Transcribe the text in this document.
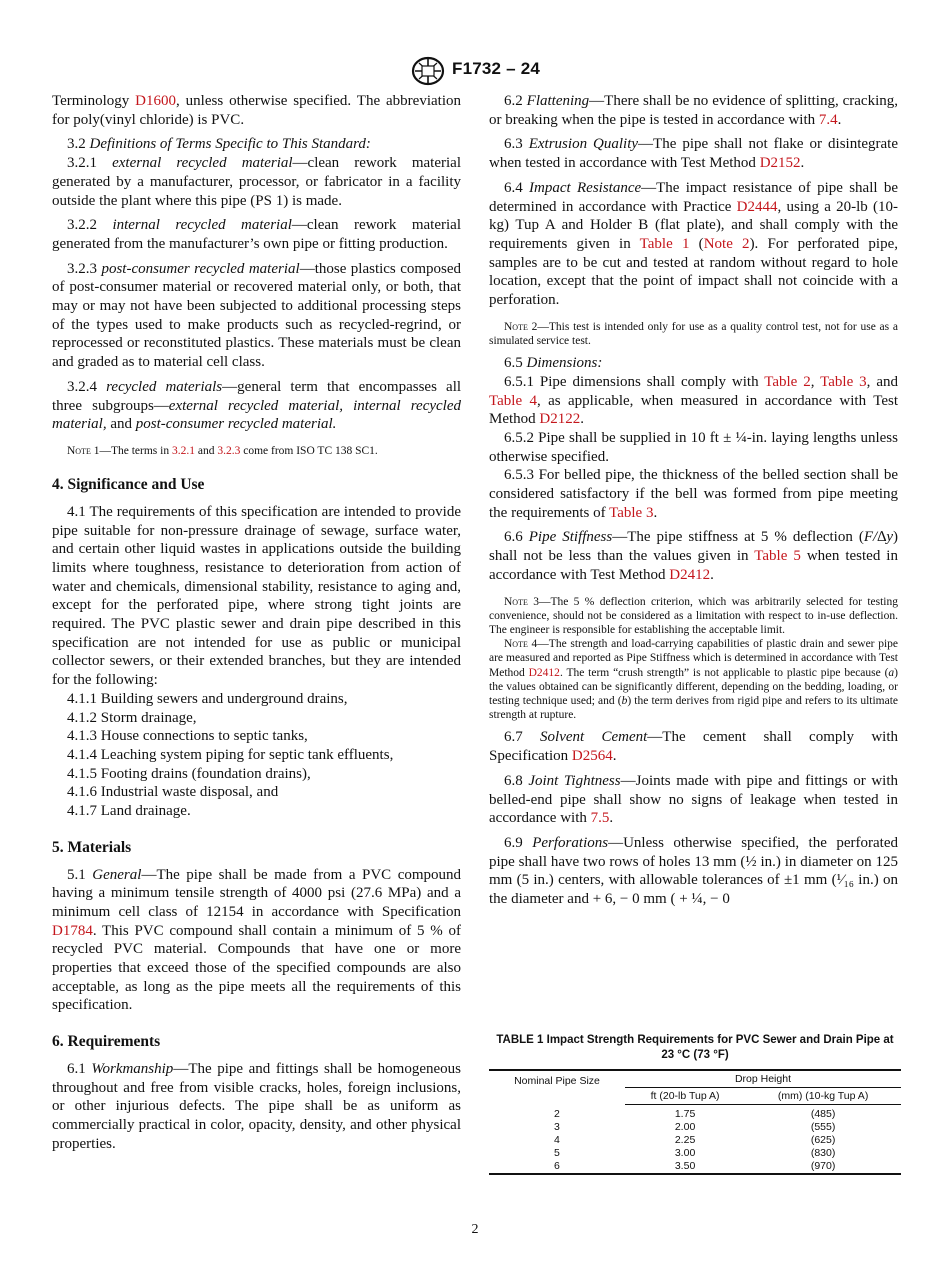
F1732 – 24

Terminology D1600, unless otherwise specified. The abbreviation for poly(vinyl chloride) is PVC.

3.2 Definitions of Terms Specific to This Standard:

3.2.1 external recycled material—clean rework material generated by a manufacturer, processor, or fabricator in a facility outside the plant where this pipe (PS 1) is made.

3.2.2 internal recycled material—clean rework material generated from the manufacturer’s own pipe or fitting production.

3.2.3 post-consumer recycled material—those plastics composed of post-consumer material or recovered material only, or both, that may or may not have been subjected to additional processing steps of the types used to make products such as recycled-regrind, or reprocessed or reconstituted plastics. These materials must be clean and graded as to material cell class.

3.2.4 recycled materials—general term that encompasses all three subgroups—external recycled material, internal recycled material, and post-consumer recycled material.

Note 1—The terms in 3.2.1 and 3.2.3 come from ISO TC 138 SC1.

4. Significance and Use

4.1 The requirements of this specification are intended to provide pipe suitable for non-pressure drainage of sewage, surface water, and certain other liquid wastes in applications outside the building limits where toughness, resistance to deterioration from action of water and chemicals, dimensional stability, resistance to aging and, except for the perforated pipe, where strong tight joints are required. The PVC plastic sewer and drain pipe described in this specification are not intended for use as public or municipal collector sewers, or their extended branches, but they are intended for the following:

4.1.1 Building sewers and underground drains,

4.1.2 Storm drainage,

4.1.3 House connections to septic tanks,

4.1.4 Leaching system piping for septic tank effluents,

4.1.5 Footing drains (foundation drains),

4.1.6 Industrial waste disposal, and

4.1.7 Land drainage.

5. Materials

5.1 General—The pipe shall be made from a PVC compound having a minimum tensile strength of 4000 psi (27.6 MPa) and a minimum cell class of 12154 in accordance with Specification D1784. This PVC compound shall contain a minimum of 5 % of recycled PVC material. Compounds that have one or more properties that exceed those of the specified compounds are also acceptable, as long as the pipe meets all the requirements of this specification.

6. Requirements

6.1 Workmanship—The pipe and fittings shall be homogeneous throughout and free from visible cracks, holes, foreign inclusions, or other injurious defects. The pipe shall be as uniform as commercially practical in color, opacity, density, and other physical properties.

6.2 Flattening—There shall be no evidence of splitting, cracking, or breaking when the pipe is tested in accordance with 7.4.

6.3 Extrusion Quality—The pipe shall not flake or disintegrate when tested in accordance with Test Method D2152.

6.4 Impact Resistance—The impact resistance of pipe shall be determined in accordance with Practice D2444, using a 20-lb (10-kg) Tup A and Holder B (flat plate), and shall comply with the requirements given in Table 1 (Note 2). For perforated pipe, samples are to be cut and tested at random without regard to hole location, except that the point of impact shall not coincide with a perforation.

Note 2—This test is intended only for use as a quality control test, not for use as a simulated service test.

6.5 Dimensions:

6.5.1 Pipe dimensions shall comply with Table 2, Table 3, and Table 4, as applicable, when measured in accordance with Test Method D2122.

6.5.2 Pipe shall be supplied in 10 ft ± ¼-in. laying lengths unless otherwise specified.

6.5.3 For belled pipe, the thickness of the belled section shall be considered satisfactory if the bell was formed from pipe meeting the requirements of Table 3.

6.6 Pipe Stiffness—The pipe stiffness at 5 % deflection (F/∆y) shall not be less than the values given in Table 5 when tested in accordance with Test Method D2412.

Note 3—The 5 % deflection criterion, which was arbitrarily selected for testing convenience, should not be considered as a limitation with respect to in-use deflection. The engineer is responsible for establishing the acceptable limit.

Note 4—The strength and load-carrying capabilities of plastic drain and sewer pipe are measured and reported as Pipe Stiffness which is determined in accordance with Test Method D2412. The term “crush strength” is not applicable to plastic pipe because (a) the values obtained can be significantly different, depending on the bedding, loading, or testing technique used; and (b) the term derives from rigid pipe and refers to its ultimate strength at rupture.

6.7 Solvent Cement—The cement shall comply with Specification D2564.

6.8 Joint Tightness—Joints made with pipe and fittings or with belled-end pipe shall show no signs of leakage when tested in accordance with 7.5.

6.9 Perforations—Unless otherwise specified, the perforated pipe shall have two rows of holes 13 mm (½ in.) in diameter on 125 mm (5 in.) centers, with allowable tolerances of ±1 mm (¹⁄₁₆ in.) on the diameter and + 6, − 0 mm ( + ¼, − 0

TABLE 1 Impact Strength Requirements for PVC Sewer and Drain Pipe at 23 °C (73 °F)
Nominal Pipe Size	Drop Height	
	ft (20-lb Tup A)	(mm) (10-kg Tup A)
2	1.75	(485)
3	2.00	(555)
4	2.25	(625)
5	3.00	(830)
6	3.50	(970)
2
